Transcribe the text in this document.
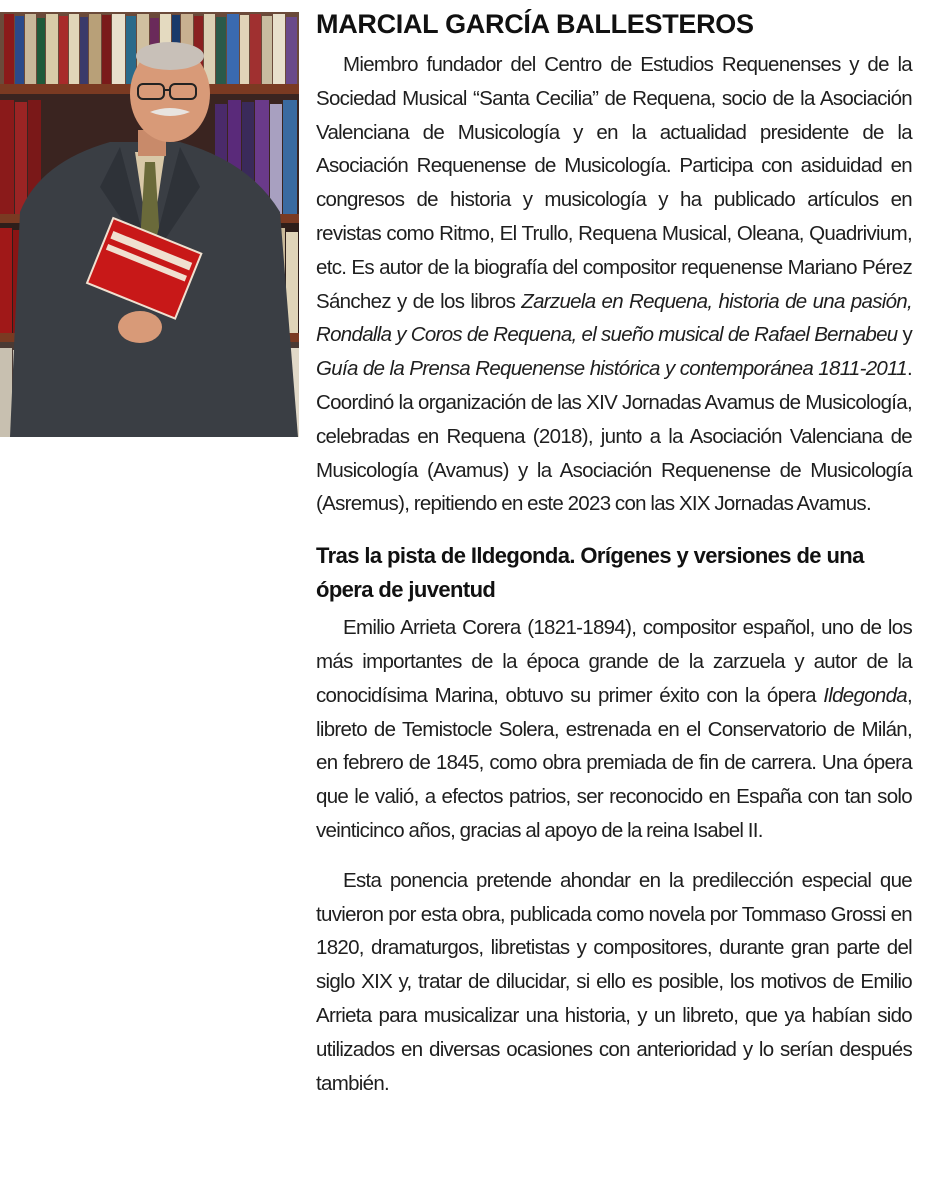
MARCIAL GARCÍA BALLESTEROS

Miembro fundador del Centro de Estudios Requenenses y de la Sociedad Musical “Santa Cecilia” de Requena, socio de la Asociación Valenciana de Musicología y en la actualidad presidente de la Asociación Requenense de Musicología. Participa con asiduidad en congresos de historia y musicología y ha publicado artículos en revistas como Ritmo, El Trullo, Requena Musical, Oleana, Quadrivium, etc. Es autor de la biografía del compositor requenense Mariano Pérez Sánchez y de los libros Zarzuela en Requena, historia de una pasión, Rondalla y Coros de Requena, el sueño musical de Rafael Bernabeu y Guía de la Prensa Requenense histórica y contemporánea 1811-2011. Coordinó la organización de las XIV Jornadas Avamus de Musicología, celebradas en Requena (2018), junto a la Asociación Valenciana de Musicología (Avamus) y la Asociación Requenense de Musicología (Asremus), repitiendo en este 2023 con las XIX Jornadas Avamus.

Tras la pista de Ildegonda. Orígenes y versiones de una ópera de juventud

Emilio Arrieta Corera (1821-1894), compositor español, uno de los más importantes de la época grande de la zarzuela y autor de la conocidísima Marina, obtuvo su primer éxito con la ópera Ildegonda, libreto de Temistocle Solera, estrenada en el Conservatorio de Milán, en febrero de 1845, como obra premiada de fin de carrera. Una ópera que le valió, a efectos patrios, ser reconocido en España con tan solo veinticinco años, gracias al apoyo de la reina Isabel II.

Esta ponencia pretende ahondar en la predilección especial que tuvieron por esta obra, publicada como novela por Tommaso Grossi en 1820, dramaturgos, libretistas y compositores, durante gran parte del siglo XIX y, tratar de dilucidar, si ello es posible, los motivos de Emilio Arrieta para musicalizar una historia, y un libreto, que ya habían sido utilizados en diversas ocasiones con anterioridad y lo serían después también.
